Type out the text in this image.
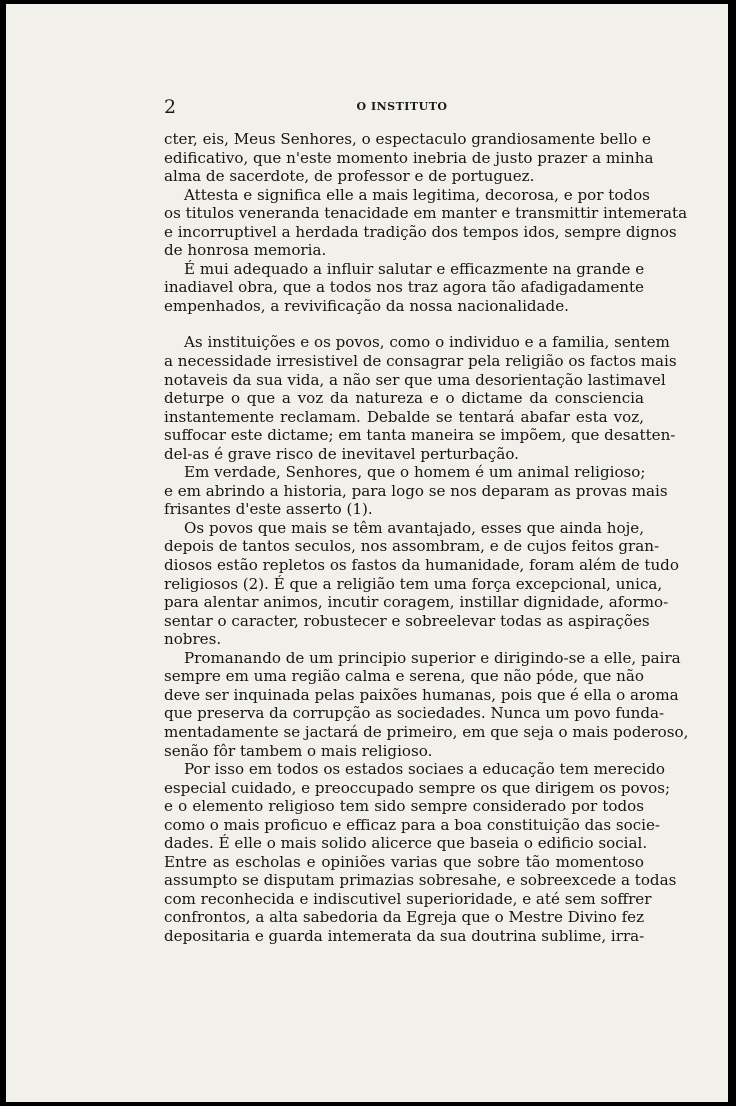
2	O INSTITUTO
cter, eis, Meus Senhores, o espectaculo grandiosamente bello e
edificativo, que n'este momento inebria de justo prazer a minha
alma de sacerdote, de professor e de portuguez.
Attesta e significa elle a mais legitima, decorosa, e por todos
os titulos veneranda tenacidade em manter e transmittir intemerata
e incorruptivel a herdada tradição dos tempos idos, sempre dignos
de honrosa memoria.
É mui adequado a influir salutar e efficazmente na grande e
inadiavel obra, que a todos nos traz agora tão afadigadamente
empenhados, a revivificação da nossa nacionalidade.
As instituições e os povos, como o individuo e a familia, sentem
a necessidade irresistivel de consagrar pela religião os factos mais
notaveis da sua vida, a não ser que uma desorientação lastimavel
deturpe o que a voz da natureza e o dictame da consciencia
instantemente reclamam. Debalde se tentará abafar esta voz,
suffocar este dictame; em tanta maneira se impõem, que desatten-
del-as é grave risco de inevitavel perturbação.
Em verdade, Senhores, que o homem é um animal religioso;
e em abrindo a historia, para logo se nos deparam as provas mais
frisantes d'este asserto (1).
Os povos que mais se têm avantajado, esses que ainda hoje,
depois de tantos seculos, nos assombram, e de cujos feitos gran-
diosos estão repletos os fastos da humanidade, foram além de tudo
religiosos (2). É que a religião tem uma força excepcional, unica,
para alentar animos, incutir coragem, instillar dignidade, aformo-
sentar o caracter, robustecer e sobreelevar todas as aspirações
nobres.
Promanando de um principio superior e dirigindo-se a elle, paira
sempre em uma região calma e serena, que não póde, que não
deve ser inquinada pelas paixões humanas, pois que é ella o aroma
que preserva da corrupção as sociedades. Nunca um povo funda-
mentadamente se jactará de primeiro, em que seja o mais poderoso,
senão fôr tambem o mais religioso.
Por isso em todos os estados sociaes a educação tem merecido
especial cuidado, e preoccupado sempre os que dirigem os povos;
e o elemento religioso tem sido sempre considerado por todos
como o mais proficuo e efficaz para a boa constituição das socie-
dades. É elle o mais solido alicerce que baseia o edificio social.
Entre as escholas e opiniões varias que sobre tão momentoso
assumpto se disputam primazias sobresahe, e sobreexcede a todas
com reconhecida e indiscutivel superioridade, e até sem soffrer
confrontos, a alta sabedoria da Egreja que o Mestre Divino fez
depositaria e guarda intemerata da sua doutrina sublime, irra-
